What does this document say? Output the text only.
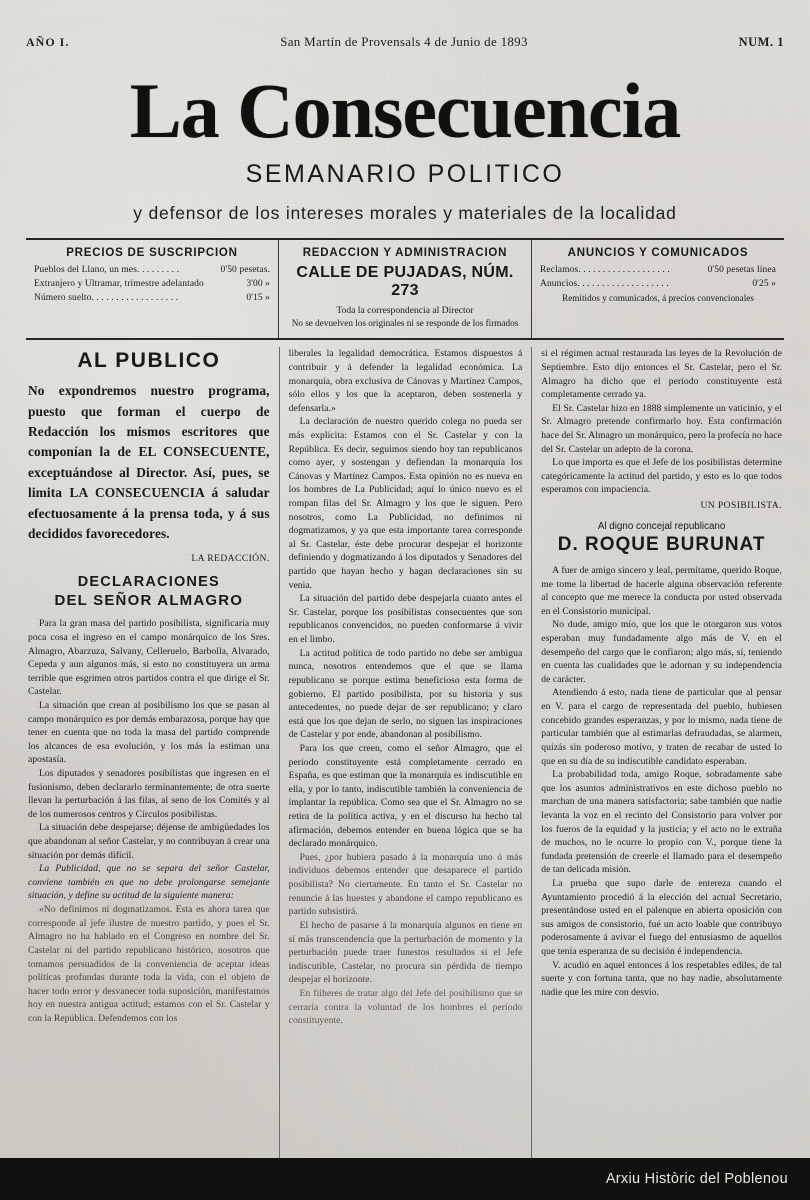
AÑO I.	San Martín de Provensals 4 de Junio de 1893	NUM. 1
La Consecuencia
SEMANARIO POLITICO
y defensor de los intereses morales y materiales de la localidad
PRECIOS DE SUSCRIPCION
Pueblos del Llano, un mes. . . . . . . . .	0'50 pesetas.
Extranjero y Ultramar, trimestre adelantado	3'00 »
Número suelto. . . . . . . . . . . . . . . . . .	0'15 »
REDACCION Y ADMINISTRACION
CALLE DE PUJADAS, NÚM. 273
Toda la correspondencia al Director
No se devuelven los originales ni se responde de los firmados
ANUNCIOS Y COMUNICADOS
Reclamos. . . . . . . . . . . . . . . . . . .	0'50 pesetas línea
Anuncios. . . . . . . . . . . . . . . . . . .	0'25 »
Remitidos y comunicados, á precios convencionales
AL PUBLICO

No expondremos nuestro programa, puesto que forman el cuerpo de Redacción los mismos escritores que componían la de EL CONSECUENTE, exceptuándose al Director. Así, pues, se limita LA CONSECUENCIA á saludar efectuosamente á la prensa toda, y á sus decididos favorecedores.

LA REDACCIÓN.
DECLARACIONES
DEL SEÑOR ALMAGRO

Para la gran masa del partido posibilista, significaría muy poca cosa el ingreso en el campo monárquico de los Sres. Almagro, Abarzuza, Salvany, Celleruelo, Barbolla, Alvarado, Cepeda y aun algunos más, si esto no constituyera un arma terrible que esgrimen otros partidos contra el que dirige el Sr. Castelar.

La situación que crean al posibilismo los que se pasan al campo monárquico es por demás embarazosa, porque hay que tener en cuenta que no toda la masa del partido comprende los alcances de esa evolución, y los más la estiman una apostasía.

Los diputados y senadores posibilistas que ingresen en el fusionismo, deben declararlo terminantemente; de otra suerte llevan la perturbación á las filas, al seno de los Comités y al de los numerosos centros y Círculos posibilistas.

La situación debe despejarse; déjense de ambigüedades los que abandonan al señor Castelar, y no contribuyan á crear una situación por demás difícil.

La Publicidad, que no se separa del señor Castelar, conviene también en que no debe prolongarse semejante situación, y define su actitud de la siguiente manera:

«No definimos ni dogmatizamos. Esta es ahora tarea que corresponde al jefe ilustre de nuestro partido, y pues el Sr. Almagro no ha hablado en el Congreso en nombre del Sr. Castelar ni del partido republicano histórico, nosotros que tomamos persuadidos de la conveniencia de aceptar ideas políticas profundas durante toda la vida, con el objeto de hacer todo error y desvanecer toda suposición, manifestamos hoy en nuestra antigua actitud; estamos con el Sr. Castelar y con la República. Defendemos con los

liberales la legalidad democrática. Estamos dispuestos á contribuir y á defender la legalidad económica. La monarquía, obra exclusiva de Cánovas y Martínez Campos, sólo ellos y los que la aceptaron, deben sostenerla y defensarla.»

La declaración de nuestro querido colega no pueda ser más explícita: Estamos con el Sr. Castelar y con la República. Es decir, seguimos siendo hoy tan republicanos como ayer, y sostengan y defiendan la monarquía los Cánovas y Martínez Campos. Esta opinión no es nueva en los hombres de La Publicidad; aquí lo único nuevo es el rompan filas del Sr. Almagro y los que le siguen. Pero nosotros, como La Publicidad, no definimos ni dogmatizamos, y ya que esta importante tarea corresponde al Sr. Castelar, éste debe procurar despejar el horizonte definiendo y dogmatizando á los diputados y Senadores del partido que hayan hecho y hagan declaraciones sin su venia.

La situación del partido debe despejarla cuanto antes el Sr. Castelar, porque los posibilistas consecuentes que son republicanos convencidos, no pueden conformarse á vivir en el limbo.

La actitud política de todo partido no debe ser ambigua nunca, nosotros entendemos que el que se llama republicano se porque estima beneficioso esta forma de gobierno. El partido posibilista, por su historia y sus antecedentes, no puede dejar de ser republicano; y claro está que los que dejan de serlo, no siguen las inspiraciones de Castelar y por ende, abandonan al posibilismo.

Para los que creen, como el señor Almagro, que el período constituyente está completamente cerrado en España, es que estiman que la monarquía es indiscutible en ella, y por lo tanto, indiscutible también la conveniencia de implantar la república. Como sea que el Sr. Almagro no se retira de la política activa, y en el discurso ha hecho tal afirmación, debemos entender en buena lógica que se ha declarado monárquico.

Pues, ¿por hubiera pasado á la monarquía uno ó más individuos debemos entender que desaparece el partido posibilista? No ciertamente. En tanto el Sr. Castelar no renuncie á las huestes y abandone el campo republicano es partido subsistirá.

El hecho de pasarse á la monarquía algunos en tiene en sí más transcendencia que la perturbación de momento y la perturbación puede traer funestos resultados si el Jefe indiscutible, Castelar, no procura sin pérdida de tiempo despejar el horizonte.

En fiiheres de tratar algo del Jefe del posibilismo que se cerraría contra la voluntad de los hombres el período constituyente.

si el régimen actual restaurada las leyes de la Revolución de Septiembre. Esto dijo entonces el Sr. Castelar, pero el Sr. Almagro ha dicho que el período constituyente está completamente cerrado ya.

El Sr. Castelar hizo en 1888 simplemente un vaticinio, y el Sr. Almagro pretende confirmarlo hoy. Esta confirmación hace del Sr. Almagro un monárquico, pero la profecía no hace del Sr. Castelar un adepto de la corona.

Lo que importa es que el Jefe de los posibilistas determine categóricamente la actitud del partido, y esto es lo que todos esperamos con impaciencia.

UN POSIBILISTA.
Al digno concejal republicano
D. ROQUE BURUNAT

A fuer de amigo sincero y leal, permítame, querido Roque, me tome la libertad de hacerle alguna observación referente al concepto que me merece la conducta por usted observada en el Consistorio municipal.

No dude, amigo mío, que los que le otorgaron sus votos esperaban muy fundadamente algo más de V. en el desempeño del cargo que le confiaron; algo más, sí, teniendo en cuenta las cualidades que le adornan y su independencia de carácter.

Atendiendo á esto, nada tiene de particular que al pensar en V. para el cargo de representada del pueblo, hubiesen concebido grandes esperanzas, y por lo mismo, nada tiene de particular también que al estimarlas defraudadas, se alarmen, quizás sin poderoso motivo, y traten de recabar de usted lo que en su día de su indiscutible candidato esperaban.

La probabilidad toda, amigo Roque, sobradamente sabe que los asuntos administrativos en este dichoso pueblo no marchan de una manera satisfactoria; sabe también que nadie levanta la voz en el recinto del Consistorio para volver por los fueros de la equidad y la justicia; y el acto no le extraña de muchos, no le ocurre lo propio con V., porque tiene la fundada pretensión de creerle el llamado para el desempeño de tan delicada misión.

La prueba que supo darle de entereza cuando el Ayuntamiento procedió á la elección del actual Secretario, presentándose usted en el palenque en abierta oposición con sus amigos de consistorio, fué un acto loable que contribuyo poderosamente á avivar el fuego del entusiasmo de aquellos que tenía esperanza de su decisión é independencia.

V. acudió en aquel entonces á los respetables ediles, de tal suerte y con fortuna tanta, que no hay nadie, absolutamente nadie que les mire con desvío.

Arxiu Històric del Poblenou
